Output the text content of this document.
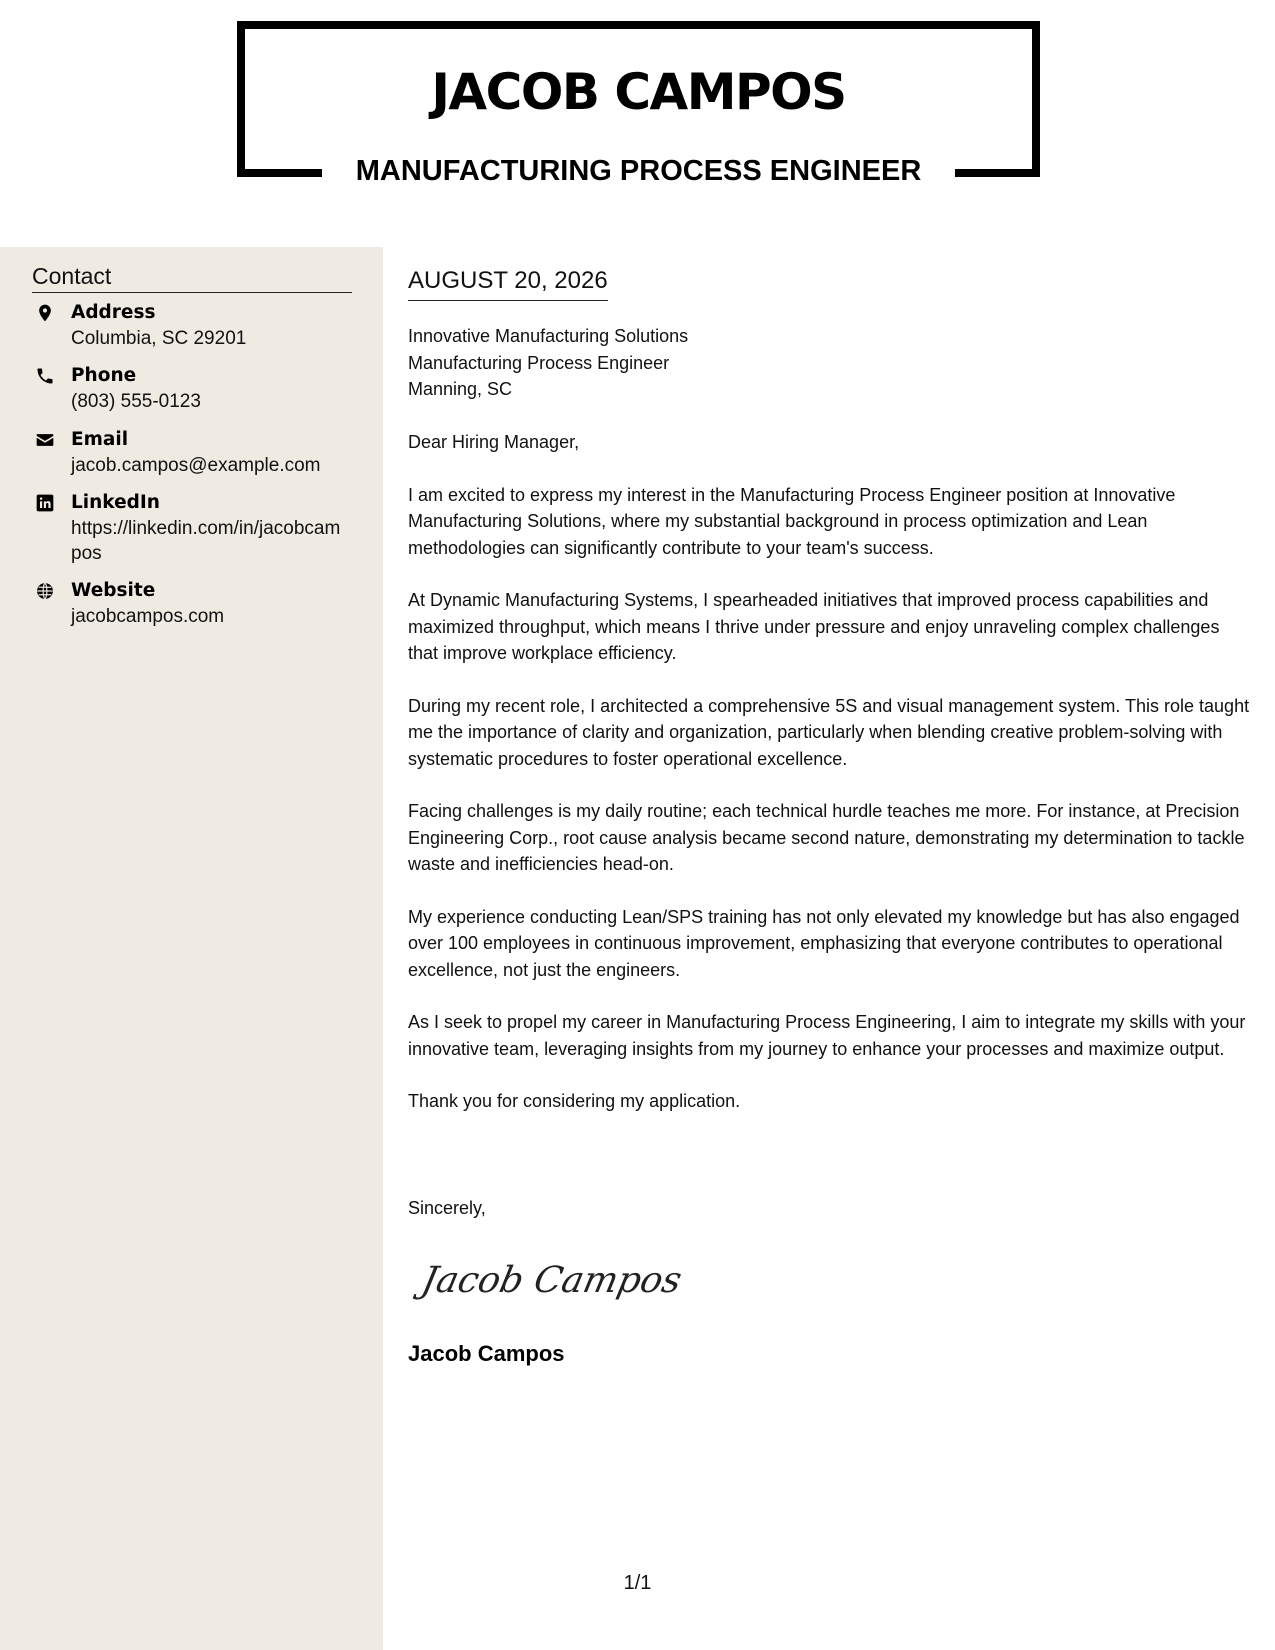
JACOB CAMPOS
MANUFACTURING PROCESS ENGINEER
Contact
Address
Columbia, SC 29201
Phone
(803) 555-0123
Email
jacob.campos@example.com
LinkedIn
https://linkedin.com/in/jacobcampos
Website
jacobcampos.com
AUGUST 20, 2026
Innovative Manufacturing Solutions
Manufacturing Process Engineer
Manning, SC

Dear Hiring Manager,

I am excited to express my interest in the Manufacturing Process Engineer position at Innovative Manufacturing Solutions, where my substantial background in process optimization and Lean methodologies can significantly contribute to your team's success.

At Dynamic Manufacturing Systems, I spearheaded initiatives that improved process capabilities and maximized throughput, which means I thrive under pressure and enjoy unraveling complex challenges that improve workplace efficiency.

During my recent role, I architected a comprehensive 5S and visual management system. This role taught me the importance of clarity and organization, particularly when blending creative problem-solving with systematic procedures to foster operational excellence.

Facing challenges is my daily routine; each technical hurdle teaches me more. For instance, at Precision Engineering Corp., root cause analysis became second nature, demonstrating my determination to tackle waste and inefficiencies head-on.

My experience conducting Lean/SPS training has not only elevated my knowledge but has also engaged over 100 employees in continuous improvement, emphasizing that everyone contributes to operational excellence, not just the engineers.

As I seek to propel my career in Manufacturing Process Engineering, I aim to integrate my skills with your innovative team, leveraging insights from my journey to enhance your processes and maximize output.

Thank you for considering my application.

Sincerely,
Jacob Campos
Jacob Campos
1/1
